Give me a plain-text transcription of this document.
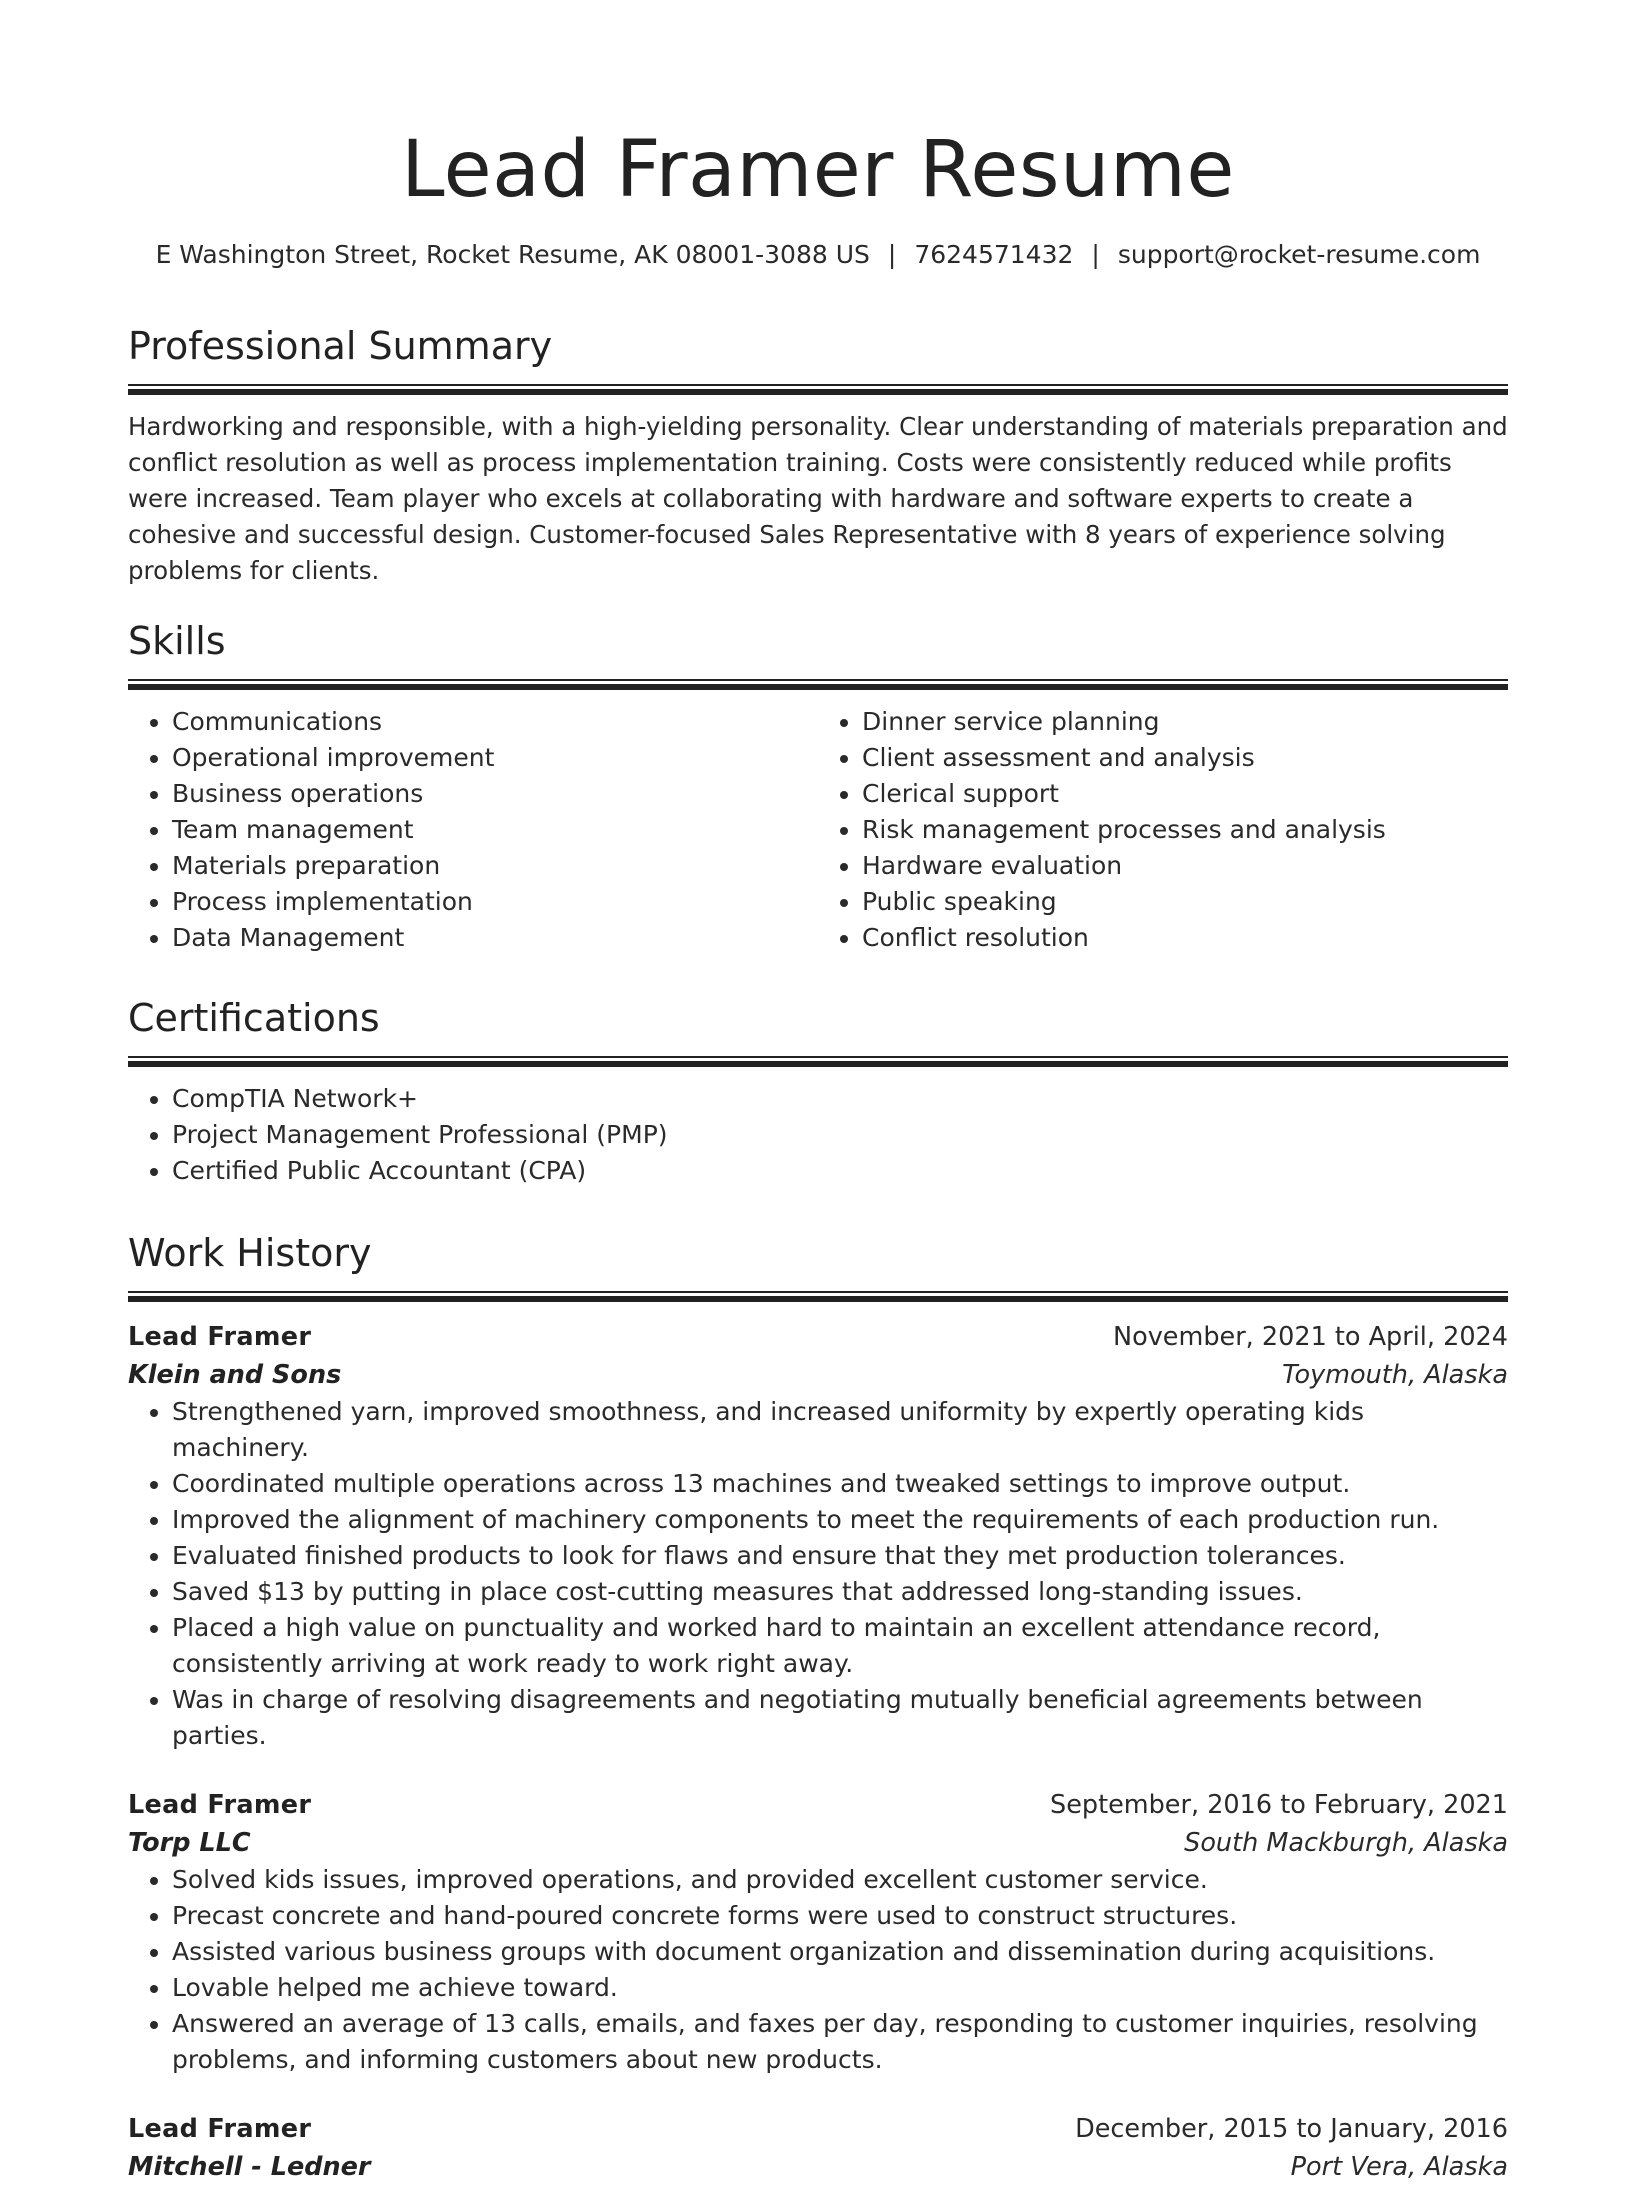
Lead Framer Resume
E Washington Street, Rocket Resume, AK 08001-3088 US | 7624571432 | support@rocket-resume.com
Professional Summary

Hardworking and responsible, with a high-yielding personality. Clear understanding of materials preparation and conflict resolution as well as process implementation training. Costs were consistently reduced while profits were increased. Team player who excels at collaborating with hardware and software experts to create a cohesive and successful design. Customer-focused Sales Representative with 8 years of experience solving problems for clients.

Skills
• Communications
• Operational improvement
• Business operations
• Team management
• Materials preparation
• Process implementation
• Data Management
• Dinner service planning
• Client assessment and analysis
• Clerical support
• Risk management processes and analysis
• Hardware evaluation
• Public speaking
• Conflict resolution
Certifications
• CompTIA Network+
• Project Management Professional (PMP)
• Certified Public Accountant (CPA)
Work History
Lead Framer	November, 2021 to April, 2024
Klein and Sons	Toymouth, Alaska
• Strengthened yarn, improved smoothness, and increased uniformity by expertly operating kids machinery.
• Coordinated multiple operations across 13 machines and tweaked settings to improve output.
• Improved the alignment of machinery components to meet the requirements of each production run.
• Evaluated finished products to look for flaws and ensure that they met production tolerances.
• Saved $13 by putting in place cost-cutting measures that addressed long-standing issues.
• Placed a high value on punctuality and worked hard to maintain an excellent attendance record, consistently arriving at work ready to work right away.
• Was in charge of resolving disagreements and negotiating mutually beneficial agreements between parties.
Lead Framer	September, 2016 to February, 2021
Torp LLC	South Mackburgh, Alaska
• Solved kids issues, improved operations, and provided excellent customer service.
• Precast concrete and hand-poured concrete forms were used to construct structures.
• Assisted various business groups with document organization and dissemination during acquisitions.
• Lovable helped me achieve toward.
• Answered an average of 13 calls, emails, and faxes per day, responding to customer inquiries, resolving problems, and informing customers about new products.
Lead Framer	December, 2015 to January, 2016
Mitchell - Ledner	Port Vera, Alaska
